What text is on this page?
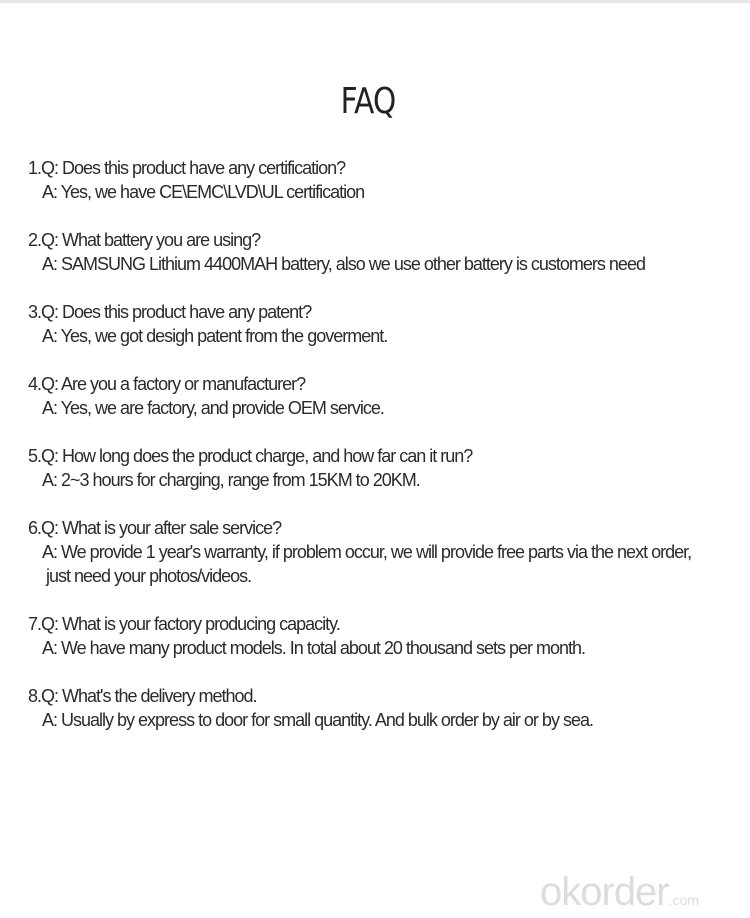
FAQ
1.Q: Does this product have any certification?
A: Yes, we have CE\EMC\LVD\UL certification
2.Q: What battery you are using?
A: SAMSUNG Lithium 4400MAH battery, also we use other battery is customers need
3.Q: Does this product have any patent?
A: Yes, we got desigh patent from the goverment.
4.Q: Are you a factory or manufacturer?
A: Yes, we are factory, and provide OEM service.
5.Q: How long does the product charge, and how far can it run?
A: 2~3 hours for charging, range from 15KM to 20KM.
6.Q: What is your after sale service?
A: We provide 1 year's warranty, if problem occur, we will provide free parts via the next order,
just need your photos/videos.
7.Q: What is your factory producing capacity.
A: We have many product models. In total about 20 thousand sets per month.
8.Q: What's the delivery method.
A: Usually by express to door for small quantity. And bulk order by air or by sea.
okorder.com
